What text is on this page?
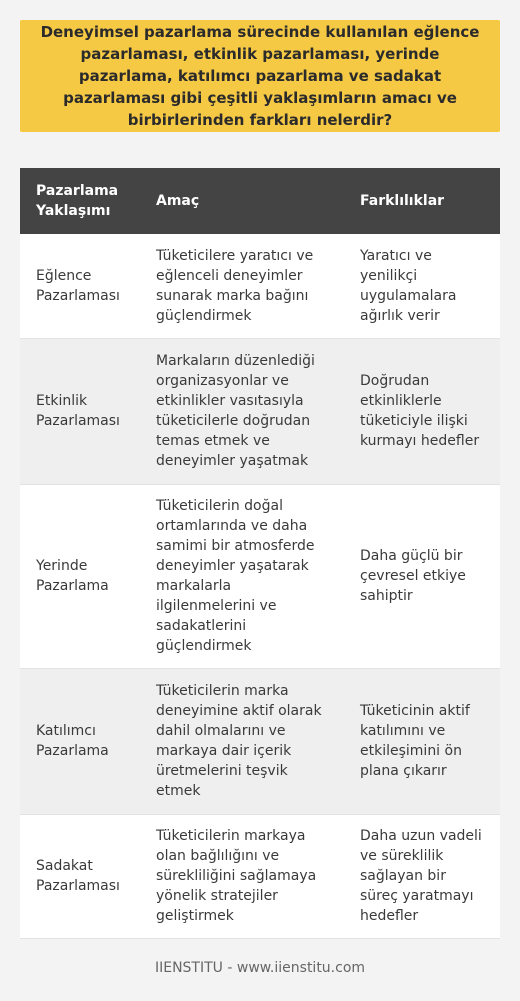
Deneyimsel pazarlama sürecinde kullanılan eğlence pazarlaması, etkinlik pazarlaması, yerinde pazarlama, katılımcı pazarlama ve sadakat pazarlaması gibi çeşitli yaklaşımların amacı ve birbirlerinden farkları nelerdir?
Pazarlama Yaklaşımı	Amaç	Farklılıklar
Eğlence Pazarlaması	Tüketicilere yaratıcı ve eğlenceli deneyimler sunarak marka bağını güçlendirmek	Yaratıcı ve yenilikçi uygulamalara ağırlık verir
Etkinlik Pazarlaması	Markaların düzenlediği organizasyonlar ve etkinlikler vasıtasıyla tüketicilerle doğrudan temas etmek ve deneyimler yaşatmak	Doğrudan etkinliklerle tüketiciyle ilişki kurmayı hedefler
Yerinde Pazarlama	Tüketicilerin doğal ortamlarında ve daha samimi bir atmosferde deneyimler yaşatarak markalarla ilgilenmelerini ve sadakatlerini güçlendirmek	Daha güçlü bir çevresel etkiye sahiptir
Katılımcı Pazarlama	Tüketicilerin marka deneyimine aktif olarak dahil olmalarını ve markaya dair içerik üretmelerini teşvik etmek	Tüketicinin aktif katılımını ve etkileşimini ön plana çıkarır
Sadakat Pazarlaması	Tüketicilerin markaya olan bağlılığını ve sürekliliğini sağlamaya yönelik stratejiler geliştirmek	Daha uzun vadeli ve süreklilik sağlayan bir süreç yaratmayı hedefler
IIENSTITU - www.iienstitu.com
